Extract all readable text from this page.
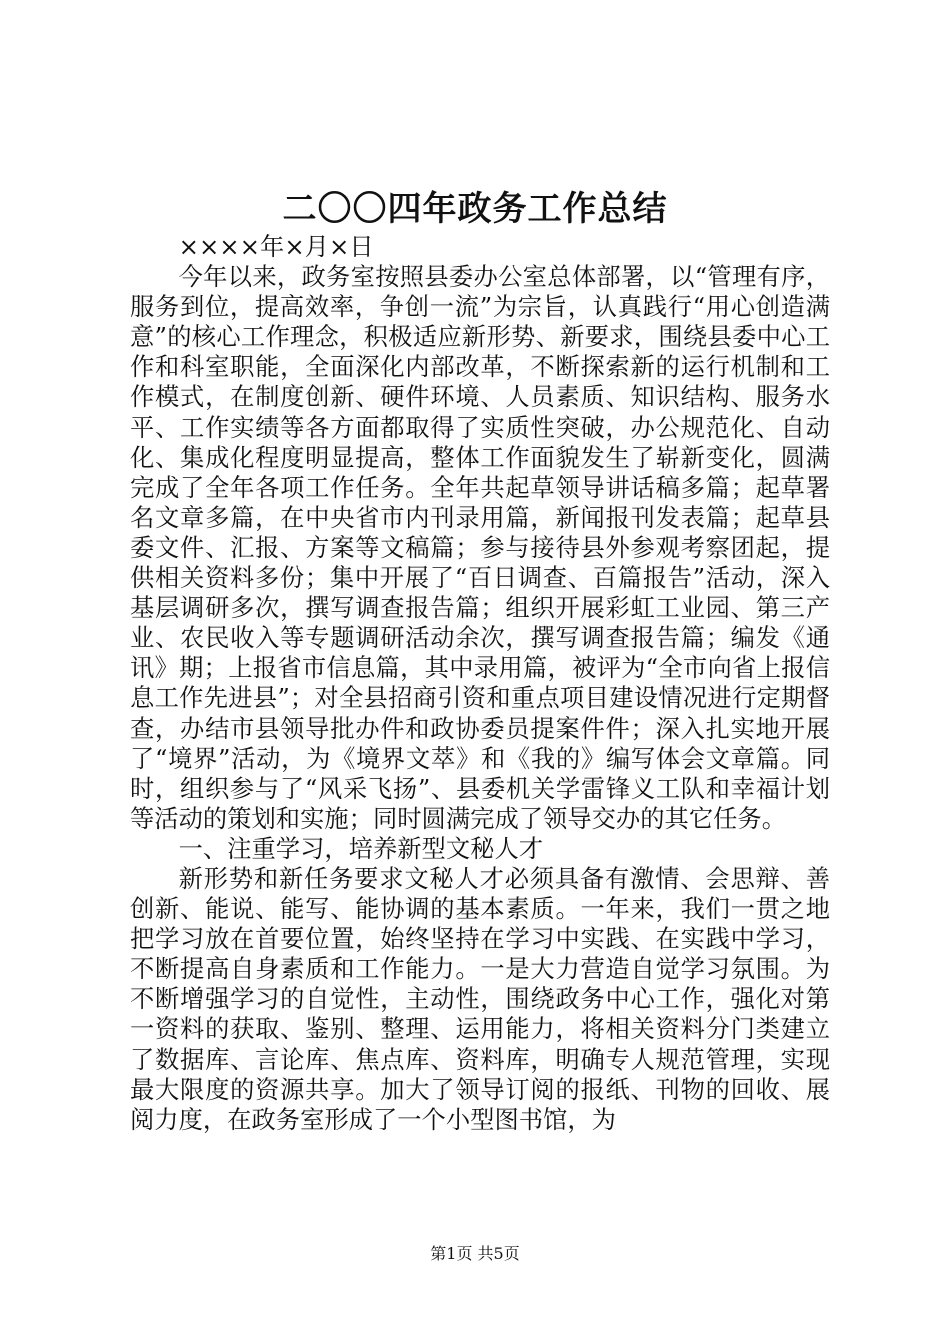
二〇〇四年政务工作总结

××××年×月×日

今年以来，政务室按照县委办公室总体部署，以“管理有序，服务到位，提高效率，争创一流”为宗旨，认真践行“用心创造满意”的核心工作理念，积极适应新形势、新要求，围绕县委中心工作和科室职能，全面深化内部改革，不断探索新的运行机制和工作模式，在制度创新、硬件环境、人员素质、知识结构、服务水平、工作实绩等各方面都取得了实质性突破，办公规范化、自动化、集成化程度明显提高，整体工作面貌发生了崭新变化，圆满完成了全年各项工作任务。全年共起草领导讲话稿多篇；起草署名文章多篇，在中央省市内刊录用篇，新闻报刊发表篇；起草县委文件、汇报、方案等文稿篇；参与接待县外参观考察团起，提供相关资料多份；集中开展了“百日调查、百篇报告”活动，深入基层调研多次，撰写调查报告篇；组织开展彩虹工业园、第三产业、农民收入等专题调研活动余次，撰写调查报告篇；编发《通讯》期；上报省市信息篇，其中录用篇，被评为“全市向省上报信息工作先进县”；对全县招商引资和重点项目建设情况进行定期督查，办结市县领导批办件和政协委员提案件件；深入扎实地开展了“境界”活动，为《境界文萃》和《我的》编写体会文章篇。同时，组织参与了“风采飞扬”、县委机关学雷锋义工队和幸福计划等活动的策划和实施；同时圆满完成了领导交办的其它任务。

一、注重学习，培养新型文秘人才

新形势和新任务要求文秘人才必须具备有激情、会思辩、善创新、能说、能写、能协调的基本素质。一年来，我们一贯之地把学习放在首要位置，始终坚持在学习中实践、在实践中学习，不断提高自身素质和工作能力。一是大力营造自觉学习氛围。为不断增强学习的自觉性，主动性，围绕政务中心工作，强化对第一资料的获取、鉴别、整理、运用能力，将相关资料分门类建立了数据库、言论库、焦点库、资料库，明确专人规范管理，实现最大限度的资源共享。加大了领导订阅的报纸、刊物的回收、展阅力度，在政务室形成了一个小型图书馆，为

第1页 共5页
